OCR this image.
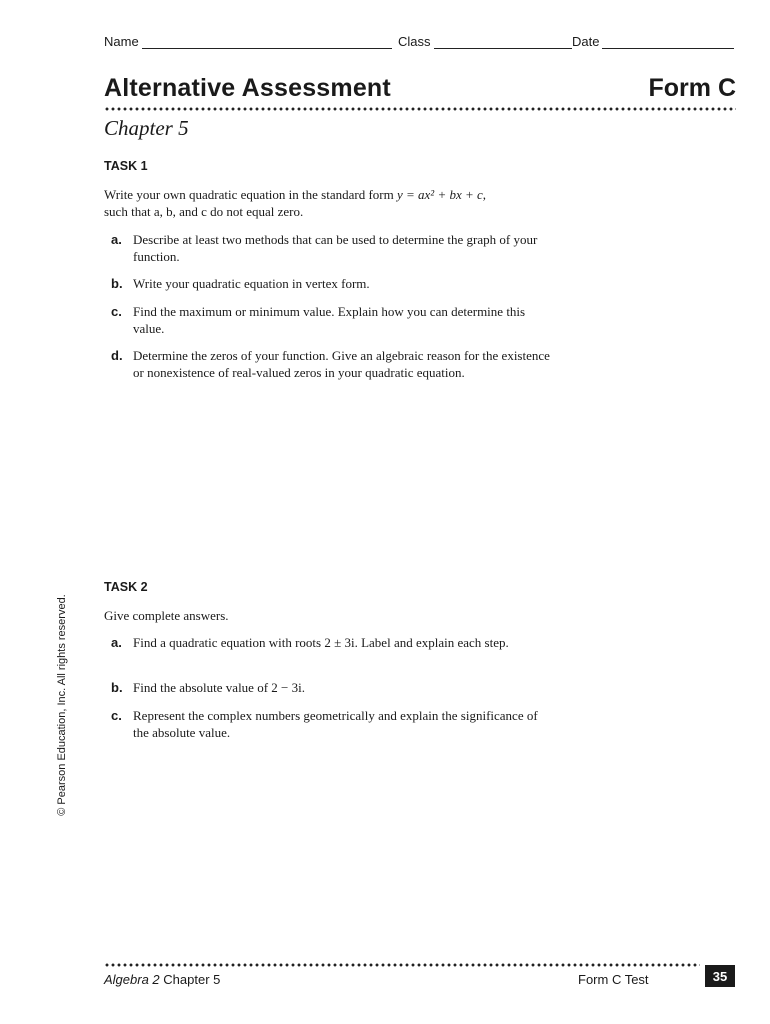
Name	Class	Date
Alternative Assessment	Form C
Chapter 5
TASK 1
Write your own quadratic equation in the standard form y = ax² + bx + c,
such that a, b, and c do not equal zero.
a. Describe at least two methods that can be used to determine the graph of your function.
b. Write your quadratic equation in vertex form.
c. Find the maximum or minimum value. Explain how you can determine this value.
d. Determine the zeros of your function. Give an algebraic reason for the existence or nonexistence of real-valued zeros in your quadratic equation.
TASK 2
Give complete answers.
a. Find a quadratic equation with roots 2 ± 3i. Label and explain each step.
b. Find the absolute value of 2 − 3i.
c. Represent the complex numbers geometrically and explain the significance of the absolute value.
© Pearson Education, Inc. All rights reserved.
Algebra 2 Chapter 5	Form C Test	35
